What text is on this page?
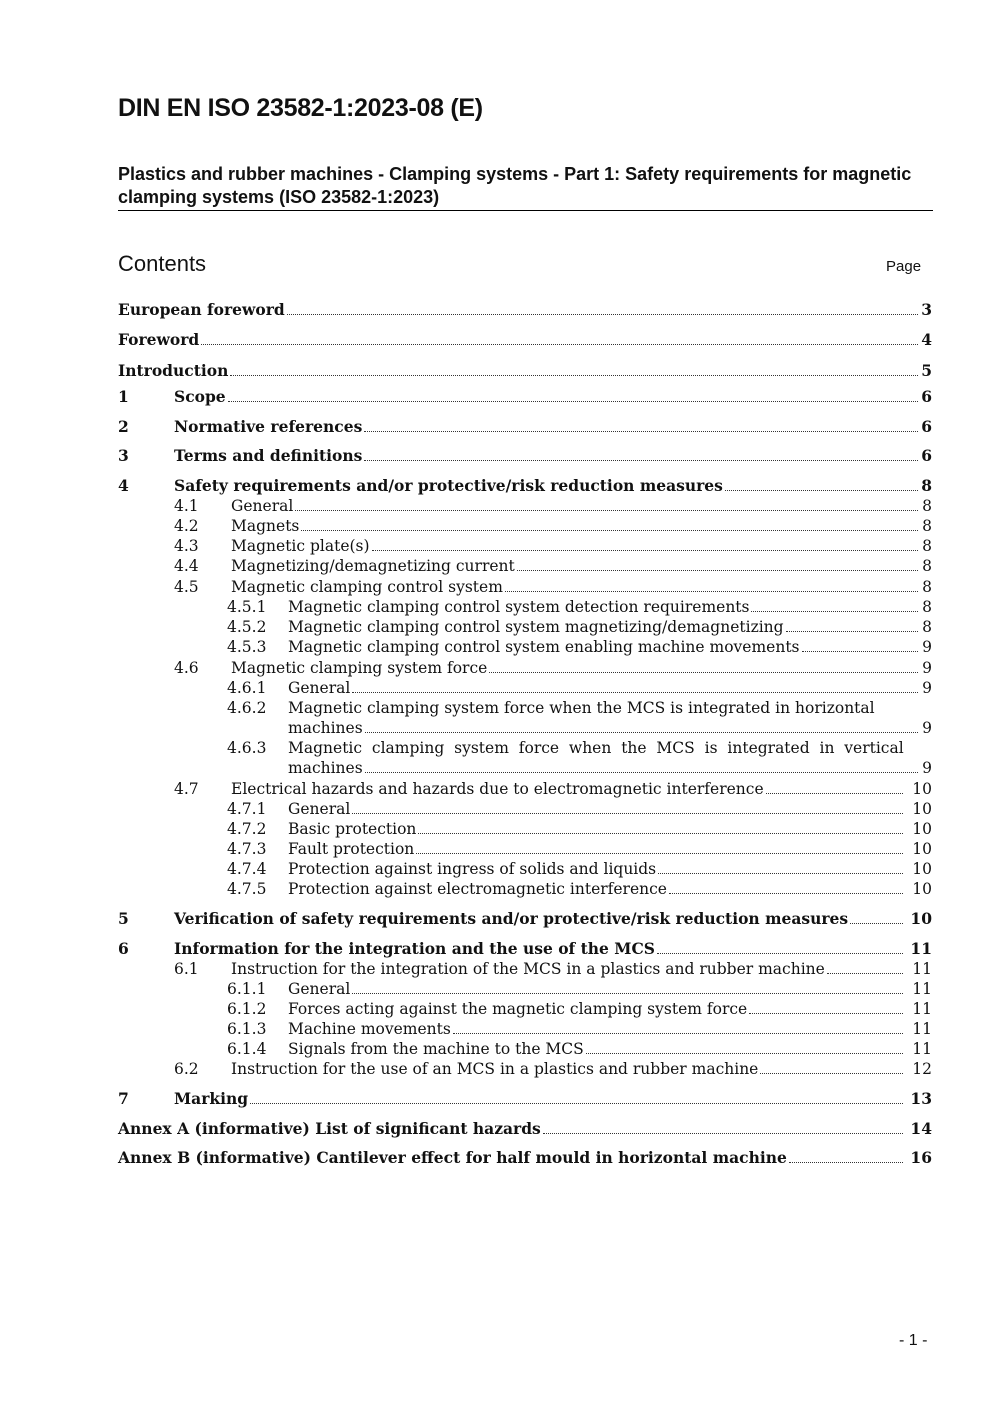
DIN EN ISO 23582-1:2023-08 (E)
Plastics and rubber machines - Clamping systems - Part 1: Safety requirements for magnetic clamping systems (ISO 23582-1:2023)
Contents	Page
European foreword	3
Foreword	4
Introduction	5
1	Scope	6
2	Normative references	6
3	Terms and definitions	6
4	Safety requirements and/or protective/risk reduction measures	8
4.1 General	8
4.2 Magnets	8
4.3 Magnetic plate(s)	8
4.4 Magnetizing/demagnetizing current	8
4.5 Magnetic clamping control system	8
4.5.1 Magnetic clamping control system detection requirements	8
4.5.2 Magnetic clamping control system magnetizing/demagnetizing	8
4.5.3 Magnetic clamping control system enabling machine movements	9
4.6 Magnetic clamping system force	9
4.6.1 General	9
4.6.2 Magnetic clamping system force when the MCS is integrated in horizontal
machines	9
4.6.3 Magnetic  clamping  system  force  when  the  MCS  is  integrated  in  vertical
machines	9
4.7 Electrical hazards and hazards due to electromagnetic interference	10
4.7.1 General	10
4.7.2 Basic protection	10
4.7.3 Fault protection	10
4.7.4 Protection against ingress of solids and liquids	10
4.7.5 Protection against electromagnetic interference	10
5	Verification of safety requirements and/or protective/risk reduction measures	10
6	Information for the integration and the use of the MCS	11
6.1 Instruction for the integration of the MCS in a plastics and rubber machine	11
6.1.1 General	11
6.1.2 Forces acting against the magnetic clamping system force	11
6.1.3 Machine movements	11
6.1.4 Signals from the machine to the MCS	11
6.2 Instruction for the use of an MCS in a plastics and rubber machine	12
7	Marking	13
Annex A (informative) List of significant hazards	14
Annex B (informative) Cantilever effect for half mould in horizontal machine	16
- 1 -
